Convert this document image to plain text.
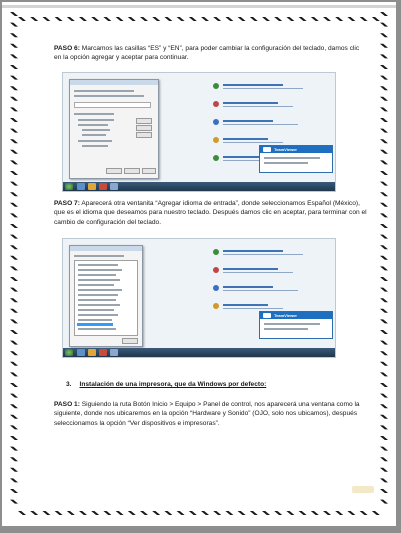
PASO 6: Marcamos las casillas “ES” y “EN”, para poder cambiar la configuración del teclado, damos clic en la opción agregar y aceptar para continuar.

TeamViewer

PASO 7: Aparecerá otra ventanita “Agregar idioma de entrada”, donde seleccionamos Español (México), que es el idioma que deseamos para nuestro teclado. Después damos clic en aceptar, para terminar con el cambio de configuración del teclado.

TeamViewer

3. Instalación de una impresora, que da Windows por defecto:

PASO 1: Siguiendo la ruta Botón Inicio > Equipo > Panel de control, nos aparecerá una ventana como la siguiente, donde nos ubicaremos en la opción “Hardware y Sonido” (OJO, solo nos ubicamos), después seleccionamos la opción “Ver dispositivos e impresoras”.
